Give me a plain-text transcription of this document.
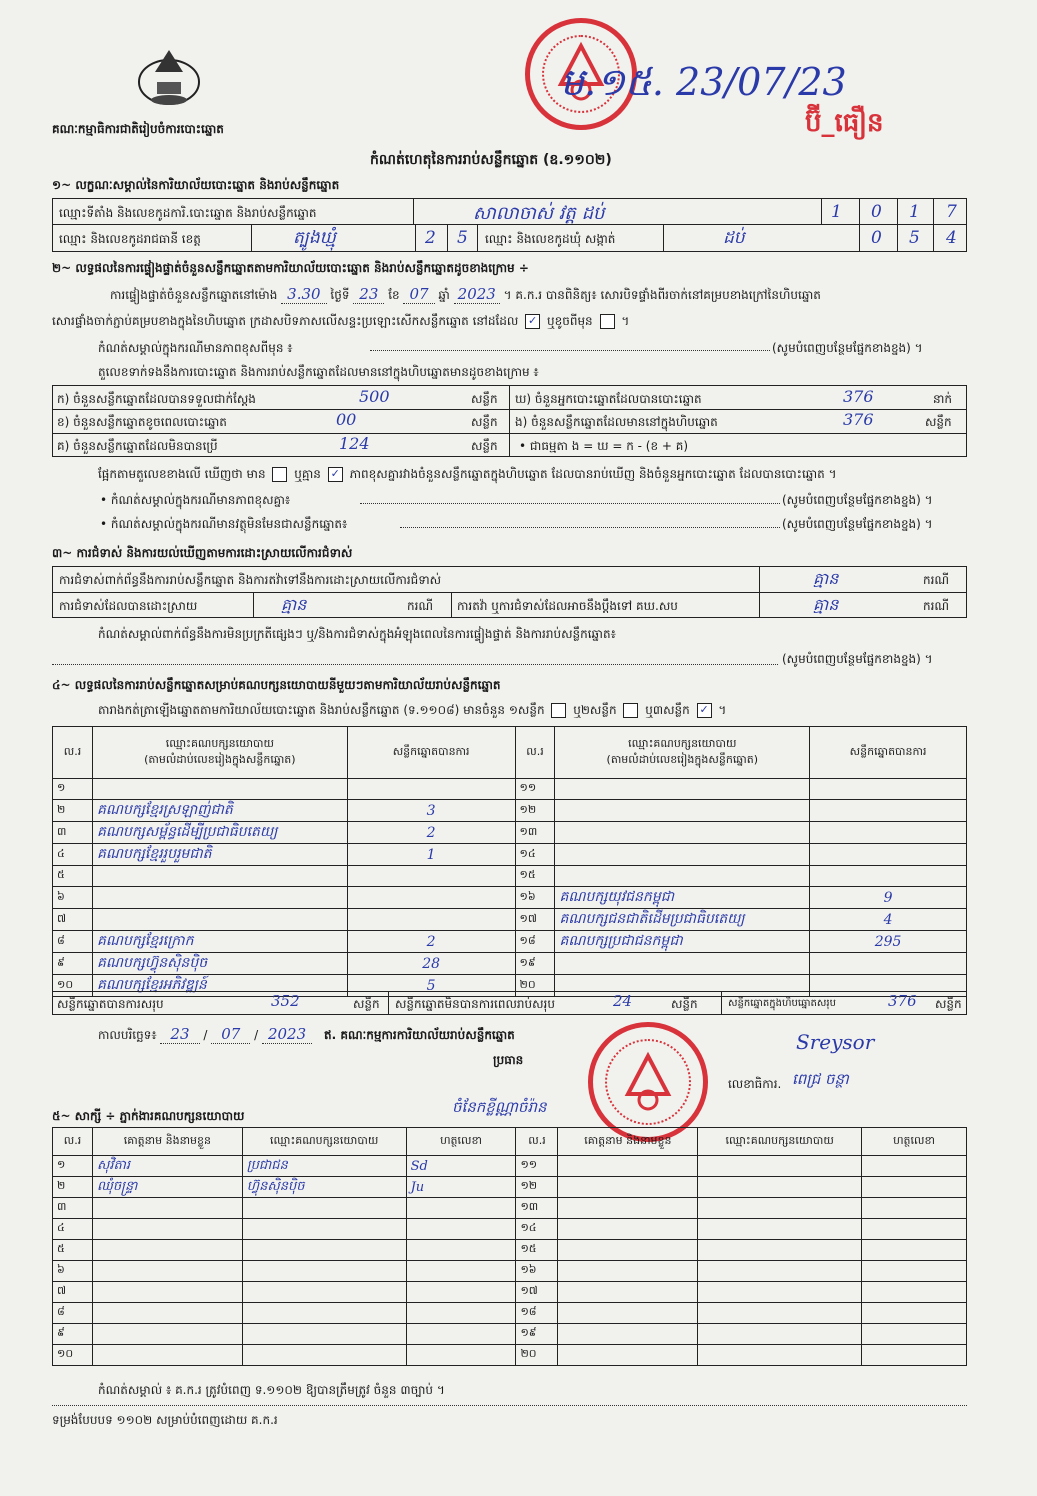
គណៈកម្មាធិការជាតិរៀបចំការបោះឆ្នោត
ម.១៥. 23/07/23
ប៊ី_ធឿន
កំណត់ហេតុនៃការរាប់សន្លឹកឆ្នោត (ឧ.១១០២)
១~ លក្ខណៈសម្គាល់នៃការិយាល័យបោះឆ្នោត និងរាប់សន្លឹកឆ្នោត
ឈ្មោះទីតាំង និងលេខកូដការិ.បោះឆ្នោត និងរាប់សន្លឹកឆ្នោត	សាលា​ចាស់ វត្ត ដប់	1 0 1 7
ឈ្មោះ និងលេខកូដរាជធានី ខេត្ត	ត្បូងឃ្មុំ	2 5 ឈ្មោះ និងលេខកូដឃុំ សង្កាត់	ដប់	0 5 4
២~ លទ្ធផលនៃការផ្ទៀងផ្ទាត់ចំនួនសន្លឹកឆ្នោតតាមការិយាល័យបោះឆ្នោត និងរាប់សន្លឹកឆ្នោតដូចខាងក្រោម ÷
ការផ្ទៀងផ្ទាត់ចំនួនសន្លឹកឆ្នោតនៅម៉ោង 3.30 ថ្ងៃទី 23 ខែ 07 ឆ្នាំ 2023 ។ គ.ក.រ បានពិនិត្យ៖ សោរបិទផ្ទាំងពីរចាក់នៅគម្របខាងក្រៅនៃហិបឆ្នោត
សោរផ្ទាំងចាក់ភ្ជាប់គម្របខាងក្នុងនៃហិបឆ្នោត ក្រដាសបិទភាសលើសន្ទះប្រឡោះសើកសន្លឹកឆ្នោត នៅដដែល ✓ ឬខូចពីមុន  ។
កំណត់សម្គាល់ក្នុងករណីមានភាពខុសពីមុន ៖	(សូមបំពេញបន្ថែមផ្នែកខាងខ្នង) ។
តួលេខទាក់ទងនឹងការបោះឆ្នោត និងការរាប់សន្លឹកឆ្នោតដែលមាននៅក្នុងហិបឆ្នោតមានដូចខាងក្រោម ៖
ក) ចំនួនសន្លឹកឆ្នោតដែលបានទទួលជាក់ស្តែង	500	សន្លឹក
ខ) ចំនួនសន្លឹកឆ្នោតខូចពេលបោះឆ្នោត	00	សន្លឹក
គ) ចំនួនសន្លឹកឆ្នោតដែលមិនបានប្រើ	124	សន្លឹក
ឃ) ចំនួនអ្នកបោះឆ្នោតដែលបានបោះឆ្នោត	376	នាក់
ង) ចំនួនសន្លឹកឆ្នោតដែលមាននៅក្នុងហិបឆ្នោត	376	សន្លឹក
• ជាធម្មតា ង = ឃ = ក - (ខ + គ)
ផ្អែកតាមតួលេខខាងលើ ឃើញថា មាន ឬគ្មាន ✓ ភាពខុសគ្នារវាងចំនួនសន្លឹកឆ្នោតក្នុងហិបឆ្នោត ដែលបានរាប់ឃើញ និងចំនួនអ្នកបោះឆ្នោត ដែលបានបោះឆ្នោត ។
• កំណត់សម្គាល់ក្នុងករណីមានភាពខុសគ្នា៖	(សូមបំពេញបន្ថែមផ្នែកខាងខ្នង) ។
• កំណត់សម្គាល់ក្នុងករណីមានវត្ថុមិនមែនជាសន្លឹកឆ្នោត៖	(សូមបំពេញបន្ថែមផ្នែកខាងខ្នង) ។
៣~ ការជំទាស់ និងការយល់ឃើញតាមការដោះស្រាយលើការជំទាស់
ការជំទាស់ពាក់ព័ន្ធនឹងការរាប់សន្លឹកឆ្នោត និងការតវ៉ាទៅនឹងការដោះស្រាយលើការជំទាស់	គ្មាន	ករណី
ការជំទាស់ដែលបានដោះស្រាយ	គ្មាន	ករណី ការតវ៉ា ឬការជំទាស់ដែលអាចនឹងប្តឹងទៅ គឃ.សប	គ្មាន	ករណី
កំណត់សម្គាល់ពាក់ព័ន្ធនឹងការមិនប្រក្រតីផ្សេងៗ ឬ/និងការជំទាស់ក្នុងអំឡុងពេលនៃការផ្ទៀងផ្ទាត់ និងការរាប់សន្លឹកឆ្នោត៖
(សូមបំពេញបន្ថែមផ្នែកខាងខ្នង) ។
៤~ លទ្ធផលនៃការរាប់សន្លឹកឆ្នោតសម្រាប់គណបក្សនយោបាយនីមួយៗតាមការិយាល័យរាប់សន្លឹកឆ្នោត
តារាងកត់ត្រាឡើងឆ្នោតតាមការិយាល័យបោះឆ្នោត និងរាប់សន្លឹកឆ្នោត (ទ.១១០៨) មានចំនួន ១សន្លឹក ឬ២សន្លឹក ឬ៣សន្លឹក ✓ ។
ល.រ	ឈ្មោះគណបក្សនយោបាយ
(តាមលំដាប់លេខរៀងក្នុងសន្លឹកឆ្នោត)	សន្លឹកឆ្នោតបានការ	ល.រ	ឈ្មោះគណបក្សនយោបាយ
(តាមលំដាប់លេខរៀងក្នុងសន្លឹកឆ្នោត)	សន្លឹកឆ្នោតបានការ
១			១១		
២	គណបក្សខ្មែរស្រឡាញ់ជាតិ	3	១២		
៣	គណបក្សសម្ព័ន្ធដើម្បីប្រជាធិបតេយ្យ	2	១៣		
៤	គណបក្សខ្មែររួបរួមជាតិ	1	១៤		
៥			១៥		
៦			១៦	គណបក្សយុវជនកម្ពុជា	9
៧			១៧	គណបក្សជនជាតិដើមប្រជាធិបតេយ្យ	4
៨	គណបក្សខ្មែរក្រោក	2	១៨	គណបក្សប្រជាជនកម្ពុជា	295
៩	គណបក្សហ៊្វុនស៊ិនប៉ិច	28	១៩		
១០	គណបក្សខ្មែរអភិវឌ្ឍន៍	5	២០		
សន្លឹកឆ្នោតបានការសរុប	352	សន្លឹក សន្លឹកឆ្នោតមិនបានការពេលរាប់សរុប	24	សន្លឹក	សន្លឹកឆ្នោតក្នុងហិបឆ្នោតសរុប	376 សន្លឹក
កាលបរិច្ឆេទ៖ 23 / 07 / 2023 ឥ. គណៈកម្មការការិយាល័យរាប់សន្លឹកឆ្នោត
ប្រធាន
Sreysor
លេខាធិការ. ពេជ្រ ចន្ថា
៥~ សាក្សី ÷ ភ្នាក់ងារគណបក្សនយោបាយ	ចំនែកខ្លីណ្ណាចំរ៉ាន
ល.រ	គោត្តនាម និងនាមខ្លួន	ឈ្មោះគណបក្សនយោបាយ	ហត្ថលេខា	ល.រ	គោត្តនាម និងនាមខ្លួន	ឈ្មោះគណបក្សនយោបាយ	ហត្ថលេខា
១	សុវិតារ	ប្រជាជន	Sd	១១			
២	ឈុំចន្ទ្រា	ហ៊្វុនស៊ិនប៉ិច	Ju	១២			
៣				១៣			
៤				១៤			
៥				១៥			
៦				១៦			
៧				១៧			
៨				១៨			
៩				១៩			
១០				២០			
កំណត់សម្គាល់ ៖ គ.ក.រ ត្រូវបំពេញ ទ.១១០២ ឱ្យបានត្រឹមត្រូវ ចំនួន ៣ច្បាប់ ។
ទម្រង់បែបបទ ១១០២ សម្រាប់បំពេញដោយ គ.ក.រ
